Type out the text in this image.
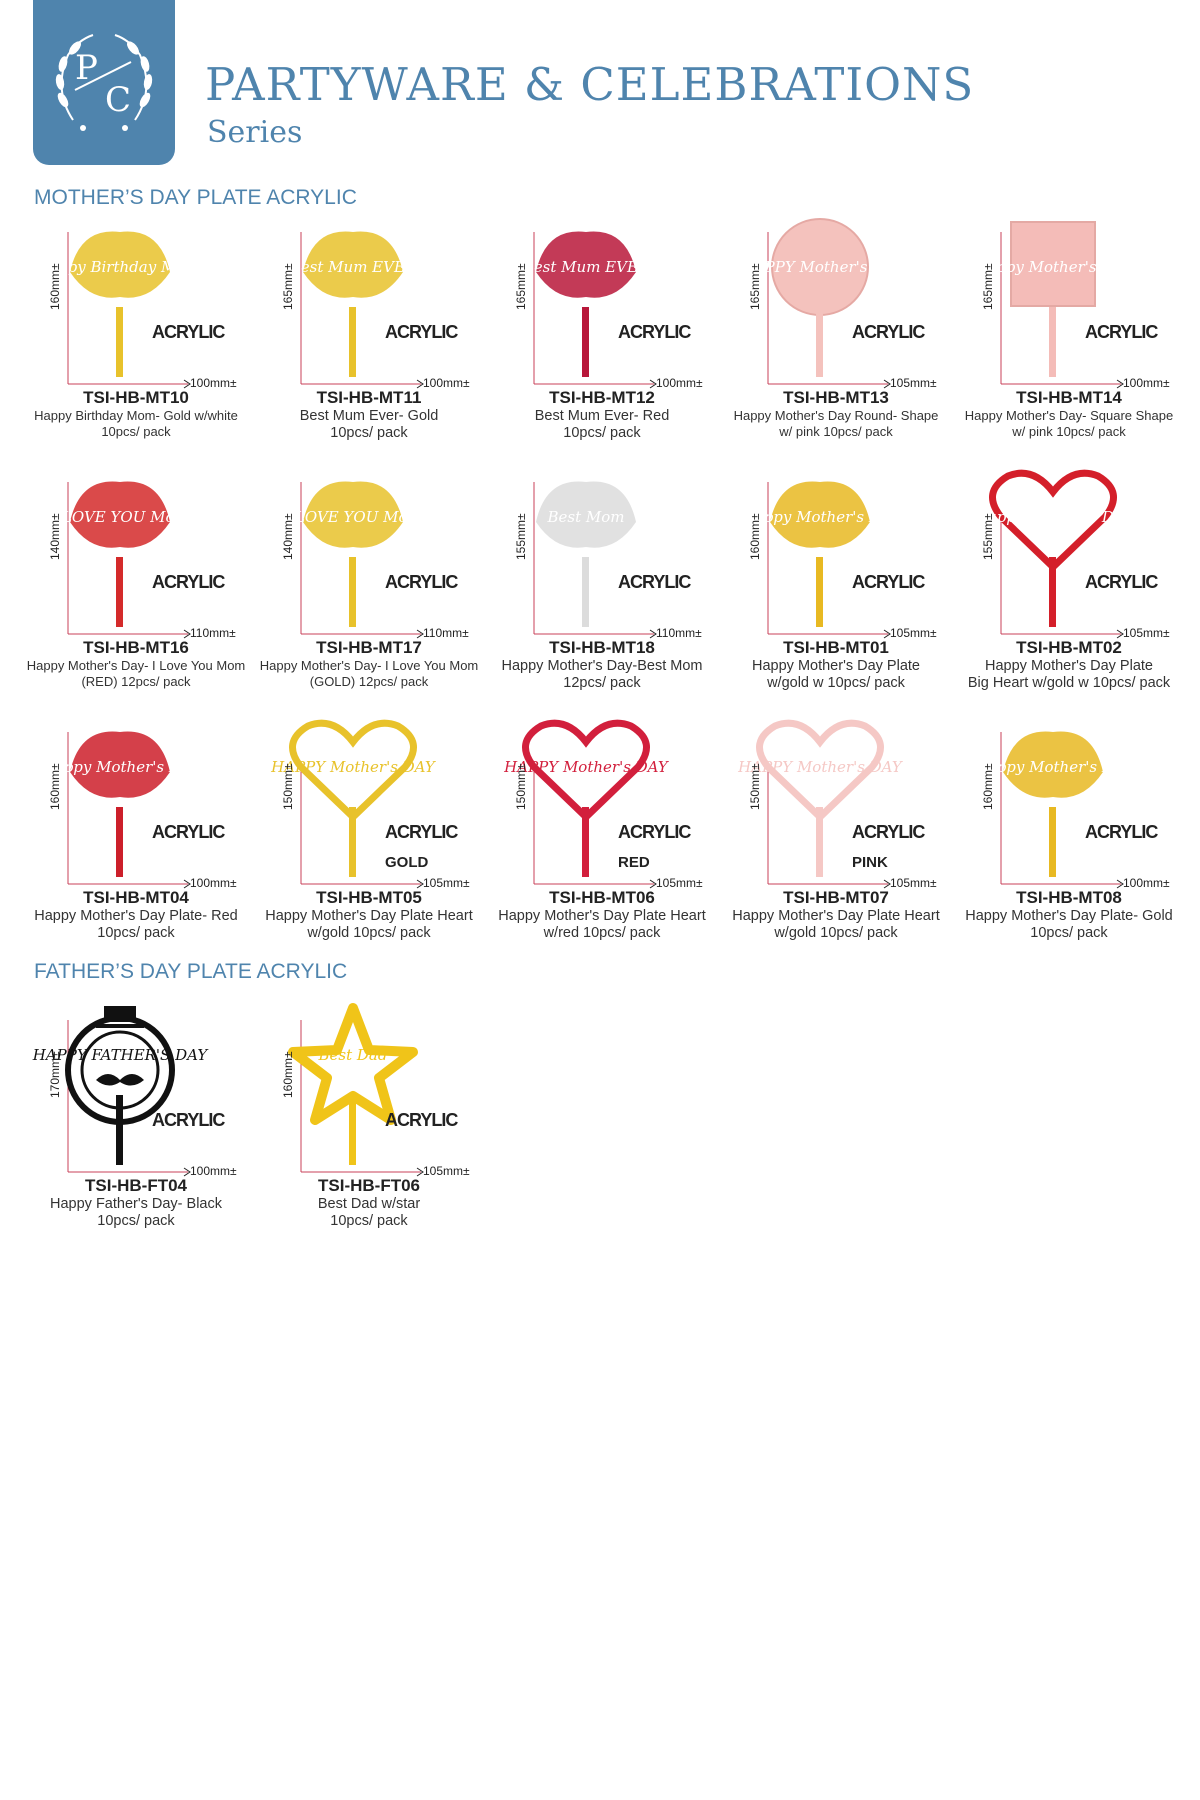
P
C PARTYWARE & CELEBRATIONS
Series
MOTHER’S DAY PLATE ACRYLIC
FATHER’S DAY PLATE ACRYLIC
Happy Birthday MOM
160mm±
100mm±
ACRYLIC
TSI-HB-MT10
Happy Birthday Mom- Gold w/white
10pcs/ pack
Best Mum EVER
165mm±
100mm±
ACRYLIC
TSI-HB-MT11
Best Mum Ever- Gold
10pcs/ pack
Best Mum EVER
165mm±
100mm±
ACRYLIC
TSI-HB-MT12
Best Mum Ever- Red
10pcs/ pack
HAPPY Mother's day
165mm±
105mm±
ACRYLIC
TSI-HB-MT13
Happy Mother's Day Round- Shape
w/ pink 10pcs/ pack
happy Mother's day
165mm±
100mm±
ACRYLIC
TSI-HB-MT14
Happy Mother's Day- Square Shape
w/ pink 10pcs/ pack
I LOVE YOU Mom
140mm±
110mm±
ACRYLIC
TSI-HB-MT16
Happy Mother's Day- I Love You Mom
(RED) 12pcs/ pack
I LOVE YOU Mom
140mm±
110mm±
ACRYLIC
TSI-HB-MT17
Happy Mother's Day- I Love You Mom
(GOLD) 12pcs/ pack
Best Mom
155mm±
110mm±
ACRYLIC
TSI-HB-MT18
Happy Mother's Day-Best Mom
12pcs/ pack
Happy Mother's Day
160mm±
105mm±
ACRYLIC
TSI-HB-MT01
Happy Mother's Day Plate
w/gold w 10pcs/ pack
Happy Mother's Day
155mm±
105mm±
ACRYLIC
TSI-HB-MT02
Happy Mother's Day Plate
Big Heart w/gold w 10pcs/ pack
Happy Mother's Day
160mm±
100mm±
ACRYLIC
TSI-HB-MT04
Happy Mother's Day Plate- Red
10pcs/ pack
HAPPY Mother's DAY
150mm±
105mm±
ACRYLIC
GOLD
TSI-HB-MT05
Happy Mother's Day Plate Heart
w/gold 10pcs/ pack
HAPPY Mother's DAY
150mm±
105mm±
ACRYLIC
RED
TSI-HB-MT06
Happy Mother's Day Plate Heart
w/red 10pcs/ pack
HAPPY Mother's DAY
150mm±
105mm±
ACRYLIC
PINK
TSI-HB-MT07
Happy Mother's Day Plate Heart
w/gold 10pcs/ pack
Happy Mother's Day
160mm±
100mm±
ACRYLIC
TSI-HB-MT08
Happy Mother's Day Plate- Gold
10pcs/ pack
HAPPY FATHER'S DAY
170mm±
100mm±
ACRYLIC
TSI-HB-FT04
Happy Father's Day- Black
10pcs/ pack
Best Dad
160mm±
105mm±
ACRYLIC
TSI-HB-FT06
Best Dad w/star
10pcs/ pack
